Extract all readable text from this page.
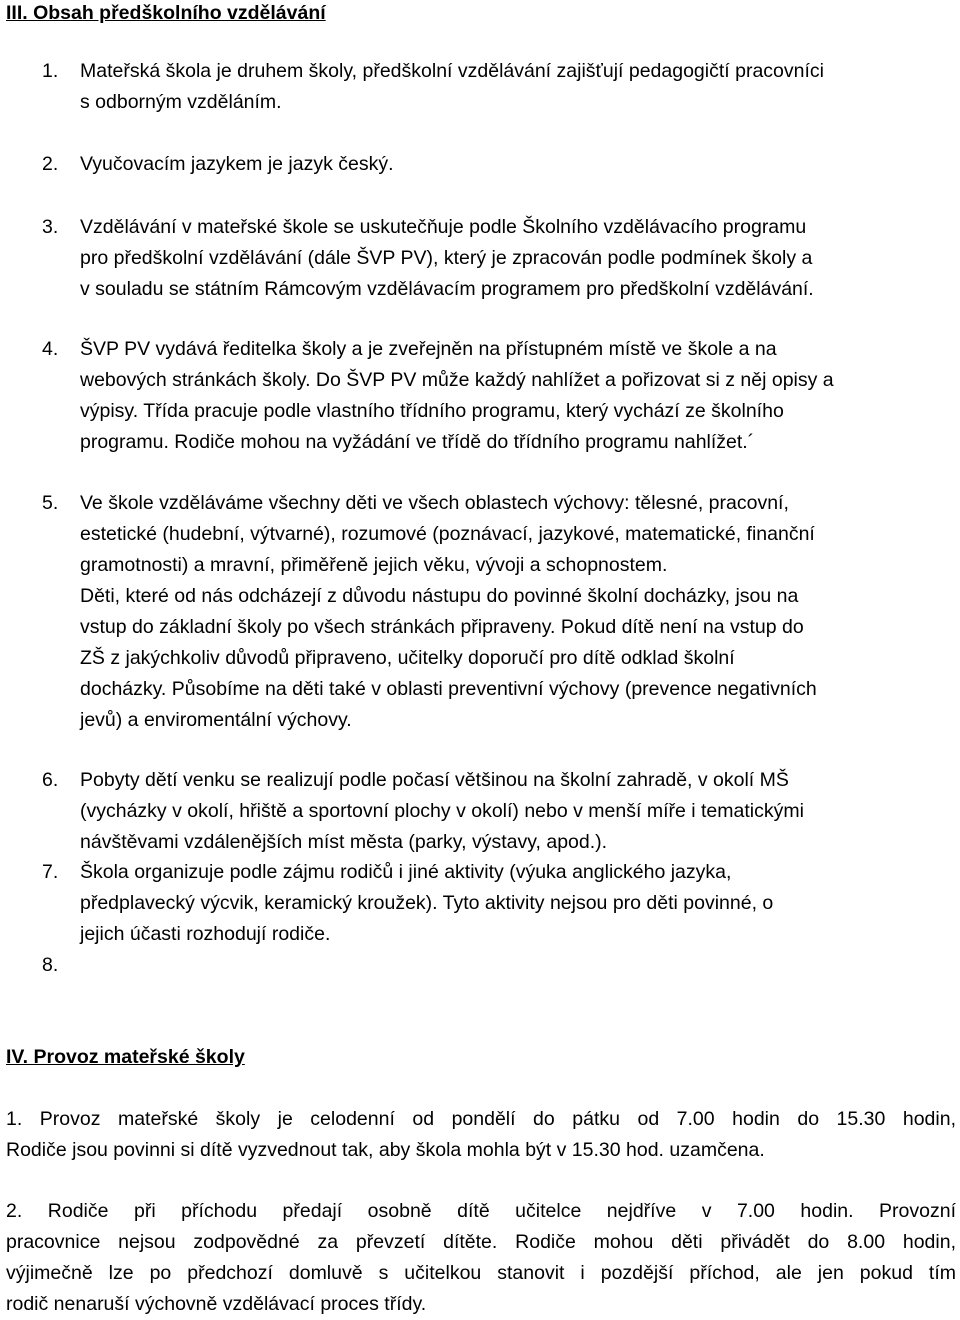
III. Obsah předškolního vzdělávání
1. Mateřská škola je druhem školy, předškolní vzdělávání zajišťují pedagogičtí pracovníci
s odborným vzděláním.
2. Vyučovacím jazykem je jazyk český.
3. Vzdělávání v mateřské škole se uskutečňuje podle Školního vzdělávacího programu
pro předškolní vzdělávání (dále ŠVP PV), který je zpracován podle podmínek školy a
v souladu se státním Rámcovým vzdělávacím programem pro předškolní vzdělávání.
4. ŠVP PV vydává ředitelka školy a je zveřejněn na přístupném místě ve škole a na
webových stránkách školy. Do ŠVP PV může každý nahlížet a pořizovat si z něj opisy a
výpisy. Třída pracuje podle vlastního třídního programu, který vychází ze školního
programu. Rodiče mohou na vyžádání ve třídě do třídního programu nahlížet.´
5. Ve škole vzděláváme všechny děti ve všech oblastech výchovy: tělesné, pracovní,
estetické (hudební, výtvarné), rozumové (poznávací, jazykové, matematické, finanční
gramotnosti) a mravní, přiměřeně jejich věku, vývoji a schopnostem.
Děti, které od nás odcházejí z důvodu nástupu do povinné školní docházky, jsou na
vstup do základní školy po všech stránkách připraveny. Pokud dítě není na vstup do
ZŠ z jakýchkoliv důvodů připraveno, učitelky doporučí pro dítě odklad školní
docházky. Působíme na děti také v oblasti preventivní výchovy (prevence negativních
jevů) a enviromentální výchovy.
6. Pobyty dětí venku se realizují podle počasí většinou na školní zahradě, v okolí MŠ
(vycházky v okolí, hřiště a sportovní plochy v okolí) nebo v menší míře i tematickými
návštěvami vzdálenějších míst města (parky, výstavy, apod.).
7. Škola organizuje podle zájmu rodičů i jiné aktivity (výuka anglického jazyka,
předplavecký výcvik, keramický kroužek). Tyto aktivity nejsou pro děti povinné, o
jejich účasti rozhodují rodiče.
8.
IV. Provoz mateřské školy
1. Provoz mateřské školy je celodenní od pondělí do pátku od 7.00 hodin do 15.30 hodin,
Rodiče jsou povinni si dítě vyzvednout tak, aby škola mohla být v 15.30 hod. uzamčena.
2. Rodiče při příchodu předají osobně dítě učitelce nejdříve v 7.00 hodin. Provozní
pracovnice nejsou zodpovědné za převzetí dítěte. Rodiče mohou děti přivádět do 8.00 hodin,
výjimečně lze po předchozí domluvě s učitelkou stanovit i pozdější příchod, ale jen pokud tím
rodič nenaruší výchovně vzdělávací proces třídy.
